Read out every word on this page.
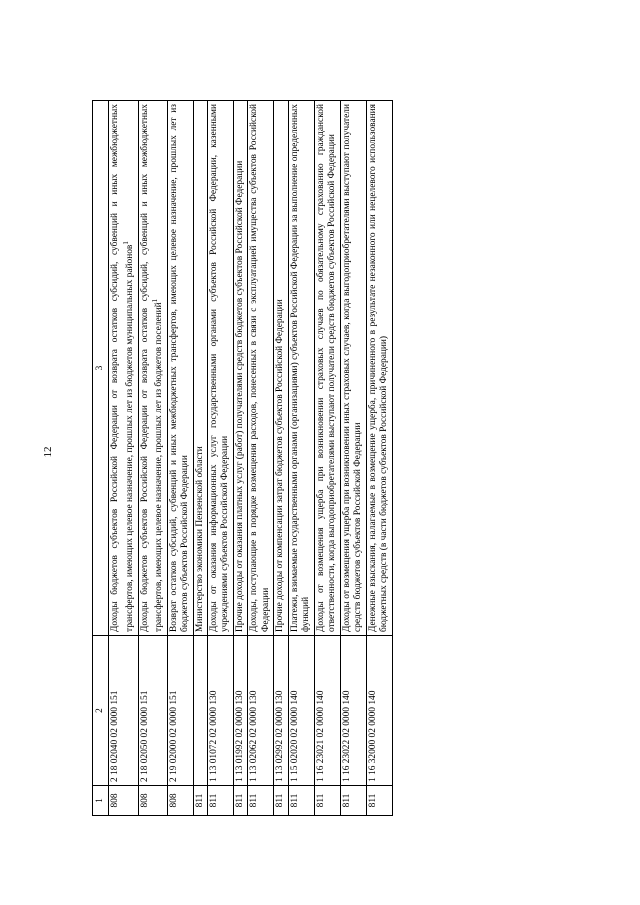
12
1	2	3
808	2 18 02040 02 0000 151	Доходы бюджетов субъектов Российской Федерации от возврата остатков субсидий, субвенций и иных межбюджетных трансфертов, имеющих целевое назначение, прошлых лет из бюджетов муниципальных районов$^1$
808	2 18 02050 02 0000 151	Доходы бюджетов субъектов Российской Федерации от возврата остатков субсидий, субвенций и иных межбюджетных трансфертов, имеющих целевое назначение, прошлых лет из бюджетов поселений$^1$
808	2 19 02000 02 0000 151	Возврат остатков субсидий, субвенций и иных межбюджетных трансфертов, имеющих целевое назначение, прошлых лет из бюджетов субъектов Российской Федерации
811		Министерство экономики Пензенской области
811	1 13 01072 02 0000 130	Доходы от оказания информационных услуг государственными органами субъектов Российской Федерации, казенными учреждениями субъектов Российской Федерации
811	1 13 01992 02 0000 130	Прочие доходы от оказания платных услуг (работ) получателями средств бюджетов субъектов Российской Федерации
811	1 13 02062 02 0000 130	Доходы, поступающие в порядке возмещения расходов, понесенных в связи с эксплуатацией имущества субъектов Российской Федерации
811	1 13 02992 02 0000 130	Прочие доходы от компенсации затрат бюджетов субъектов Российской Федерации
811	1 15 02020 02 0000 140	Платежи, взимаемые государственными органами (организациями) субъектов Российской Федерации за выполнение определенных функций
811	1 16 23021 02 0000 140	Доходы от возмещения ущерба при возникновении страховых случаев по обязательному страхованию гражданской ответственности, когда выгодоприобретателями выступают получатели средств бюджетов субъектов Российской Федерации
811	1 16 23022 02 0000 140	Доходы от возмещения ущерба при возникновении иных страховых случаев, когда выгодоприобретателями выступают получатели средств бюджетов субъектов Российской Федерации
811	1 16 32000 02 0000 140	Денежные взыскания, налагаемые в возмещение ущерба, причиненного в результате незаконного или нецелевого использования бюджетных средств (в части бюджетов субъектов Российской Федерации)
